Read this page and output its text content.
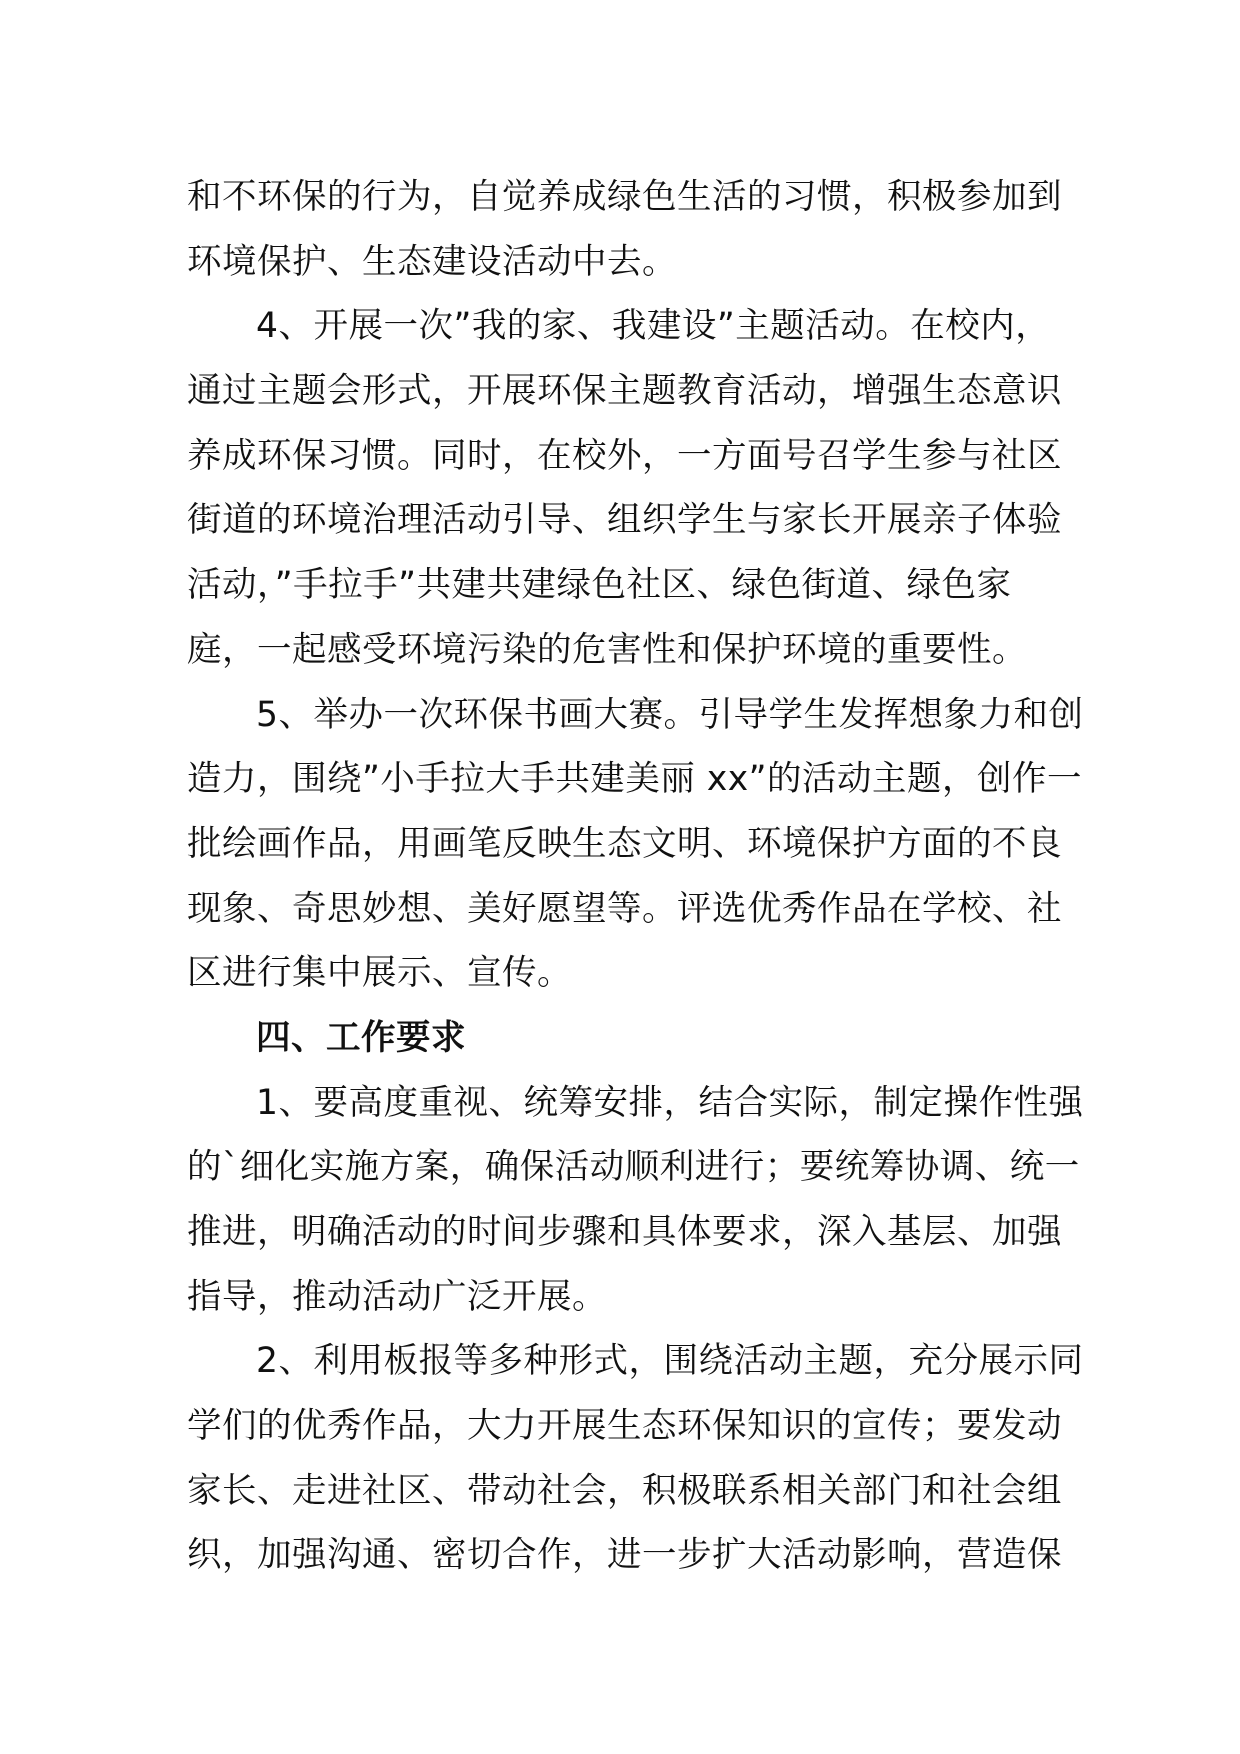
和不环保的行为，自觉养成绿色生活的习惯，积极参加到
环境保护、生态建设活动中去。
4、开展一次”我的家、我建设”主题活动。在校内，
通过主题会形式，开展环保主题教育活动，增强生态意识
养成环保习惯。同时，在校外，一方面号召学生参与社区
街道的环境治理活动引导、组织学生与家长开展亲子体验
活动，”手拉手”共建共建绿色社区、绿色街道、绿色家
庭，一起感受环境污染的危害性和保护环境的重要性。
5、举办一次环保书画大赛。引导学生发挥想象力和创
造力，围绕”小手拉大手共建美丽 xx”的活动主题，创作一
批绘画作品，用画笔反映生态文明、环境保护方面的不良
现象、奇思妙想、美好愿望等。评选优秀作品在学校、社
区进行集中展示、宣传。
四、工作要求
1、要高度重视、统筹安排，结合实际，制定操作性强
的`细化实施方案，确保活动顺利进行；要统筹协调、统一
推进，明确活动的时间步骤和具体要求，深入基层、加强
指导，推动活动广泛开展。
2、利用板报等多种形式，围绕活动主题，充分展示同
学们的优秀作品，大力开展生态环保知识的宣传；要发动
家长、走进社区、带动社会，积极联系相关部门和社会组
织，加强沟通、密切合作，进一步扩大活动影响，营造保
